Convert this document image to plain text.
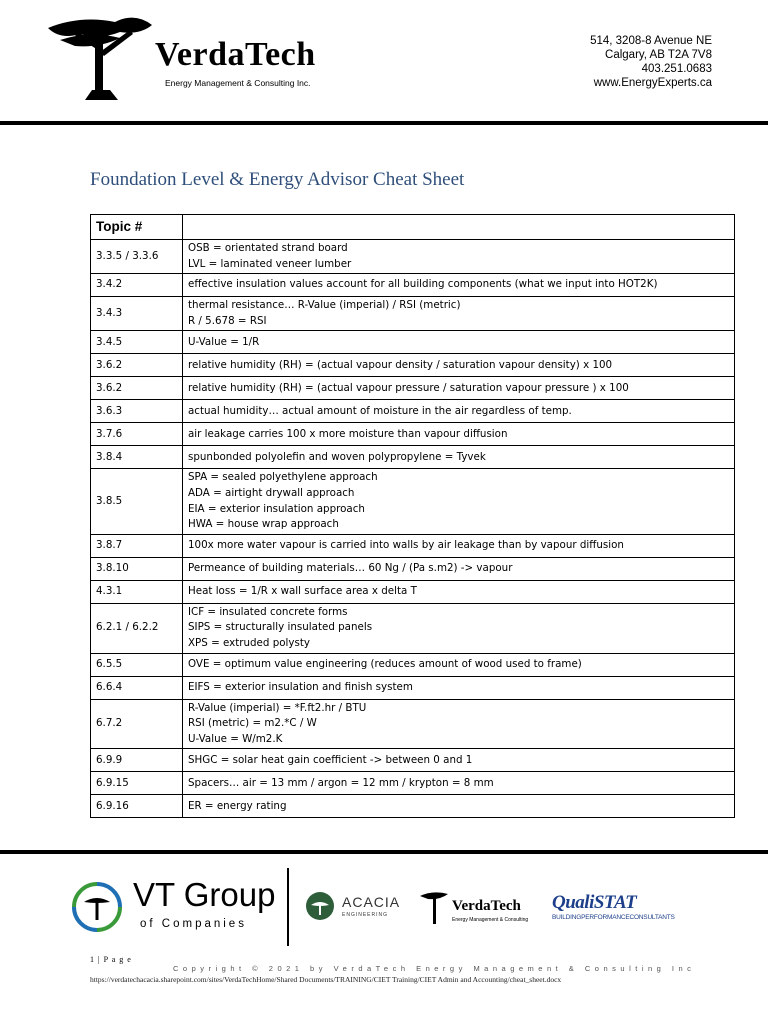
VerdaTech
Energy Management & Consulting Inc.
514, 3208-8 Avenue NE
Calgary, AB T2A 7V8
403.251.0683
www.EnergyExperts.ca
Foundation Level & Energy Advisor Cheat Sheet
Topic #	
3.3.5 / 3.3.6	OSB = orientated strand board
LVL = laminated veneer lumber

3.4.2	effective insulation values account for all building components (what we input into HOT2K)

3.4.3	thermal resistance… R-Value (imperial) / RSI (metric)
R / 5.678 = RSI

3.4.5	U-Value = 1/R

3.6.2	relative humidity (RH) = (actual vapour density / saturation vapour density) x 100

3.6.2	relative humidity (RH) = (actual vapour pressure / saturation vapour pressure ) x 100

3.6.3	actual humidity… actual amount of moisture in the air regardless of temp.

3.7.6	air leakage carries 100 x more moisture than vapour diffusion

3.8.4	spunbonded polyolefin and woven polypropylene = Tyvek

3.8.5	SPA = sealed polyethylene approach
ADA = airtight drywall approach
EIA = exterior insulation approach
HWA = house wrap approach

3.8.7	100x more water vapour is carried into walls by air leakage than by vapour diffusion

3.8.10	Permeance of building materials… 60 Ng / (Pa s.m2) -> vapour

4.3.1	Heat loss = 1/R x wall surface area x delta T

6.2.1 / 6.2.2	ICF = insulated concrete forms
SIPS = structurally insulated panels
XPS = extruded polysty

6.5.5	OVE = optimum value engineering (reduces amount of wood used to frame)

6.6.4	EIFS = exterior insulation and finish system

6.7.2	R-Value (imperial) = *F.ft2.hr / BTU
RSI (metric) = m2.*C / W
U-Value = W/m2.K

6.9.9	SHGC = solar heat gain coefficient -> between 0 and 1

6.9.15	Spacers… air = 13 mm / argon = 12 mm / krypton = 8 mm

6.9.16	ER = energy rating
VT Group
of Companies
ACACIA
ENGINEERING
VerdaTech
Energy Management & Consulting
QualiSTAT
BUILDINGPERFORMANCECONSULTANTS
1 | P a g e
Copyright © 2021 by VerdaTech Energy Management & Consulting Inc
https://verdatechacacia.sharepoint.com/sites/VerdaTechHome/Shared Documents/TRAINING/CIET Training/CIET Admin and Accounting/cheat_sheet.docx
